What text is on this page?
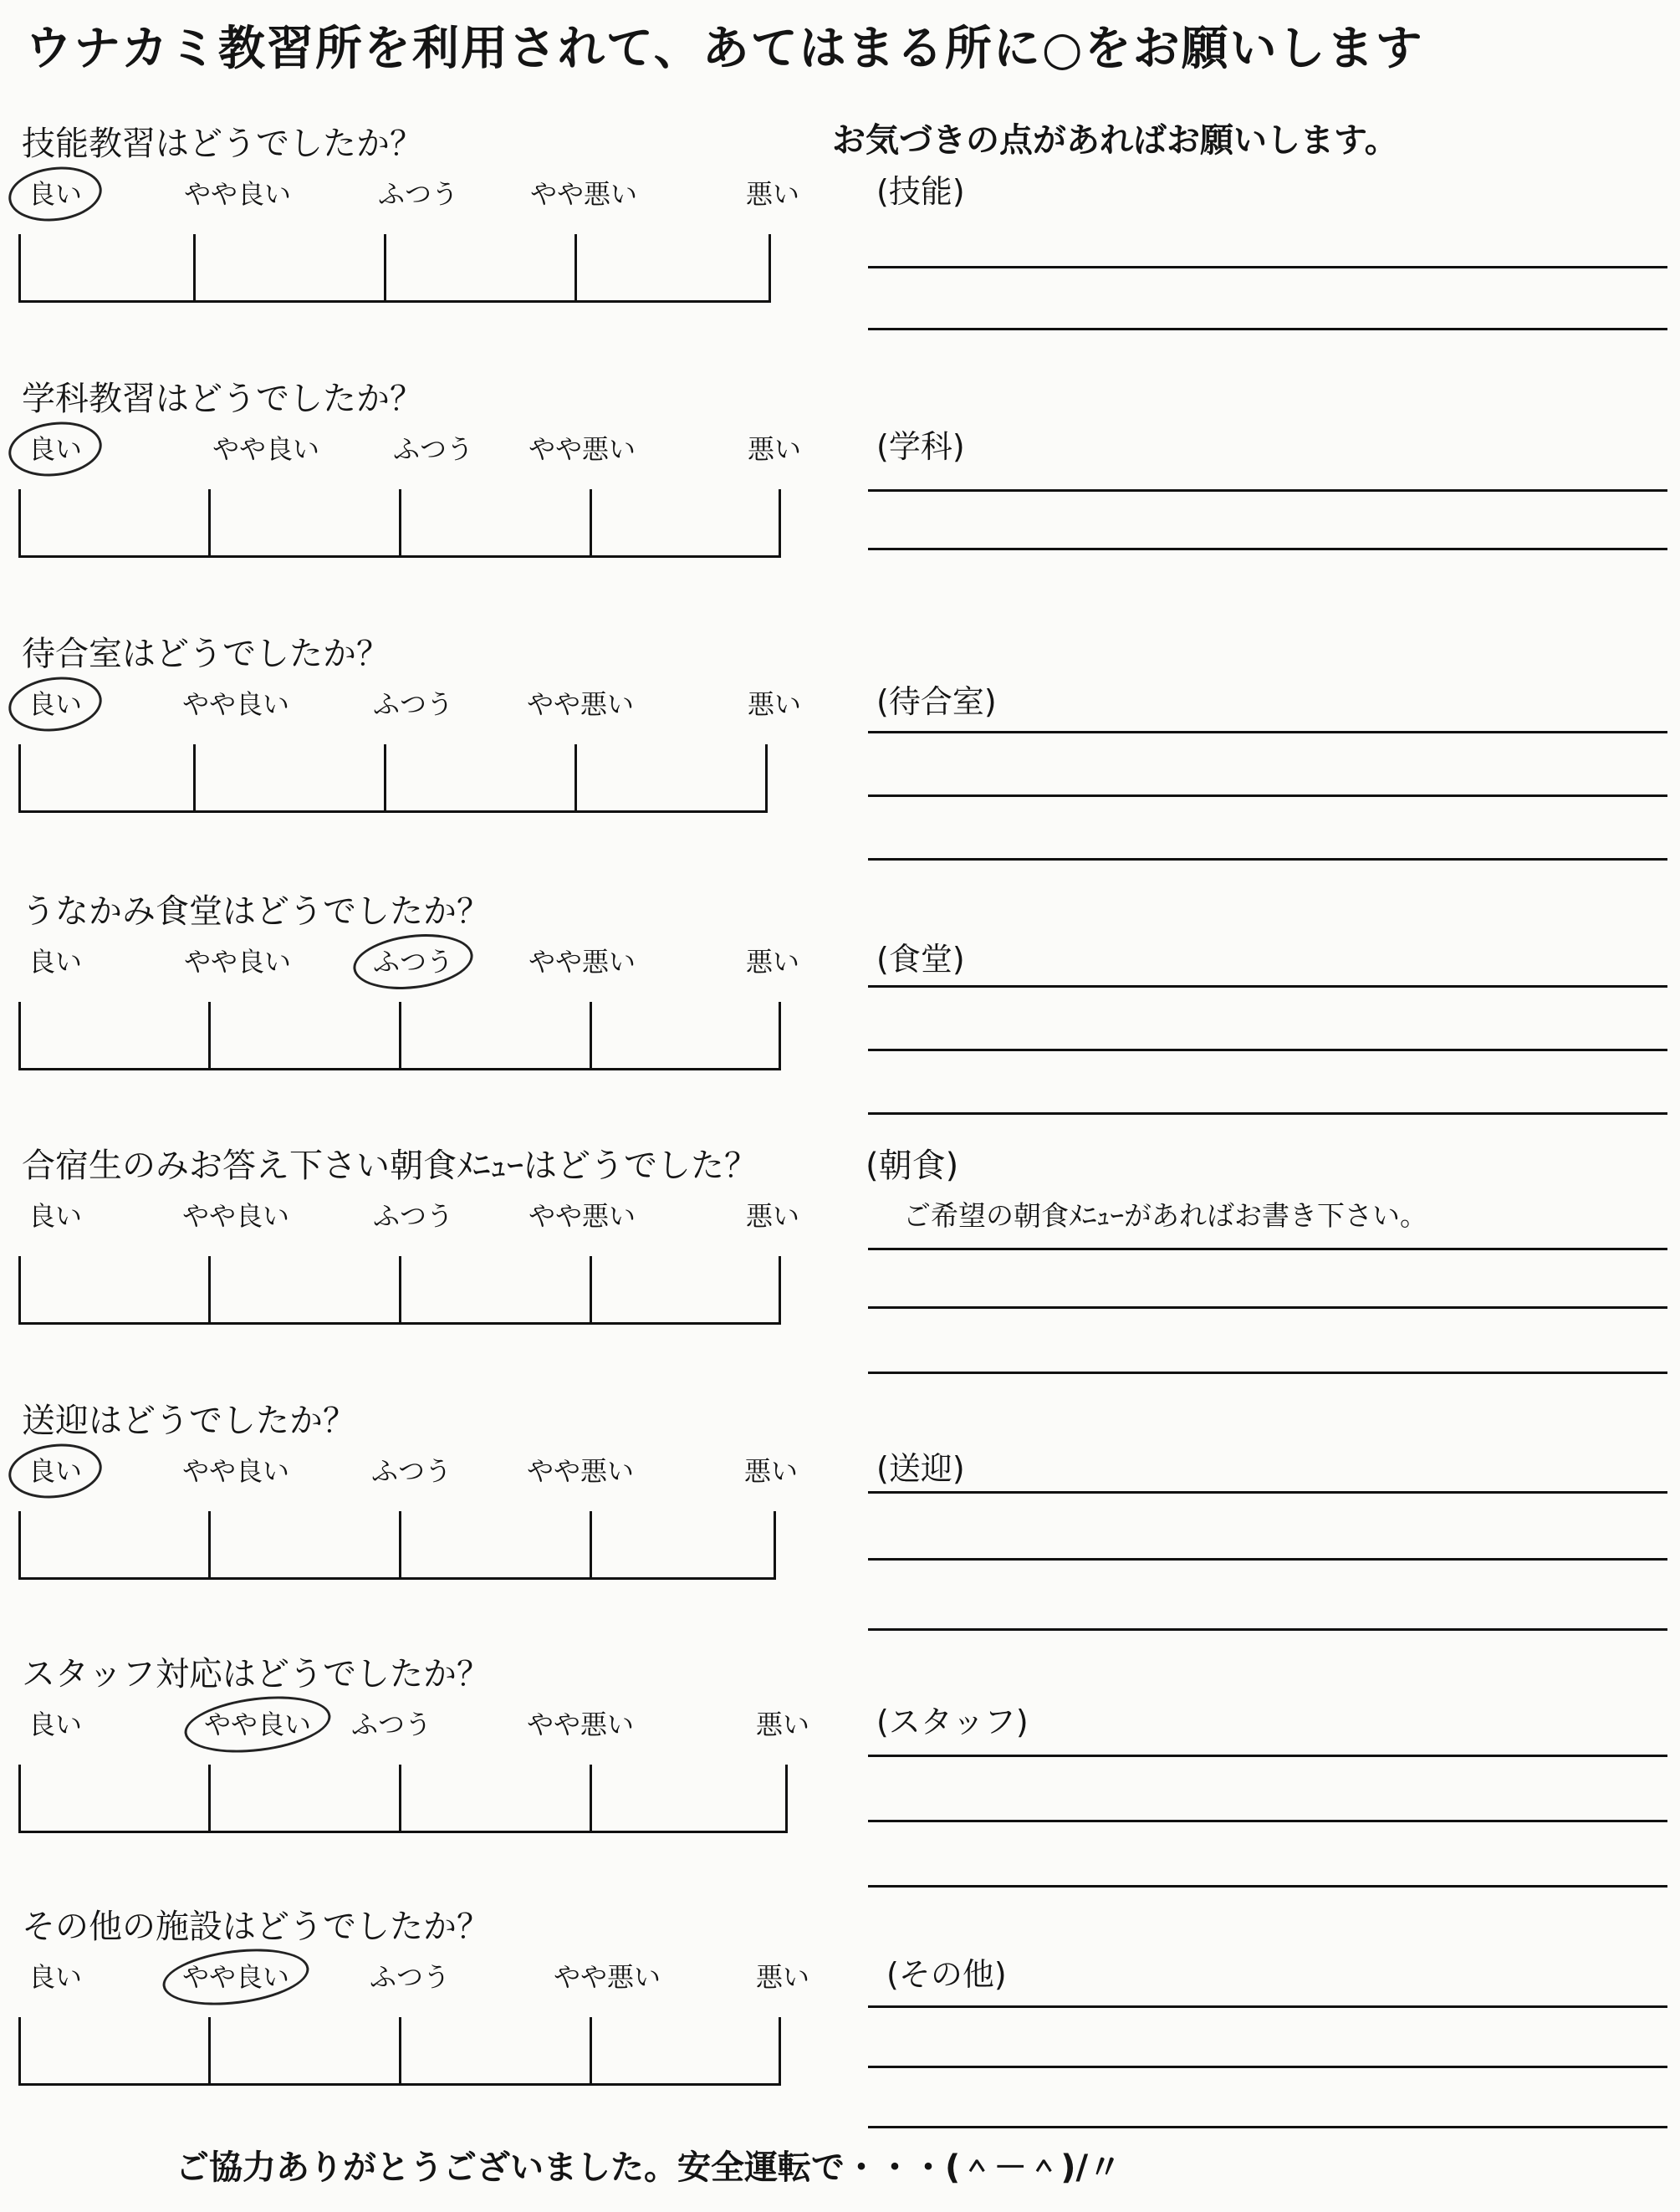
ウナカミ教習所を利用されて、あてはまる所に○をお願いします
お気づきの点があればお願いします。
技能教習はどうでしたか？
良い	やや良い	ふつう	やや悪い	悪い (技能)
学科教習はどうでしたか？
良い	やや良い	ふつう やや悪い	悪い (学科)
待合室はどうでしたか？
良い	やや良い	ふつう	やや悪い	悪い (待合室)
うなかみ食堂はどうでしたか？
良い	やや良い	ふつう	やや悪い	悪い (食堂)
合宿生のみお答え下さい朝食ﾒﾆｭｰはどうでした？	(朝食)
良い	やや良い	ふつう	やや悪い	悪い	ご希望の朝食ﾒﾆｭｰがあればお書き下さい。
送迎はどうでしたか？
良い	やや良い	ふつう	やや悪い	悪い (送迎)
スタッフ対応はどうでしたか？
良い	やや良い ふつう	やや悪い	悪い (スタッフ)
その他の施設はどうでしたか？
良い	やや良い	ふつう	やや悪い	悪い (その他)
ご協力ありがとうございました。安全運転で・・・(＾－＾)/〃
